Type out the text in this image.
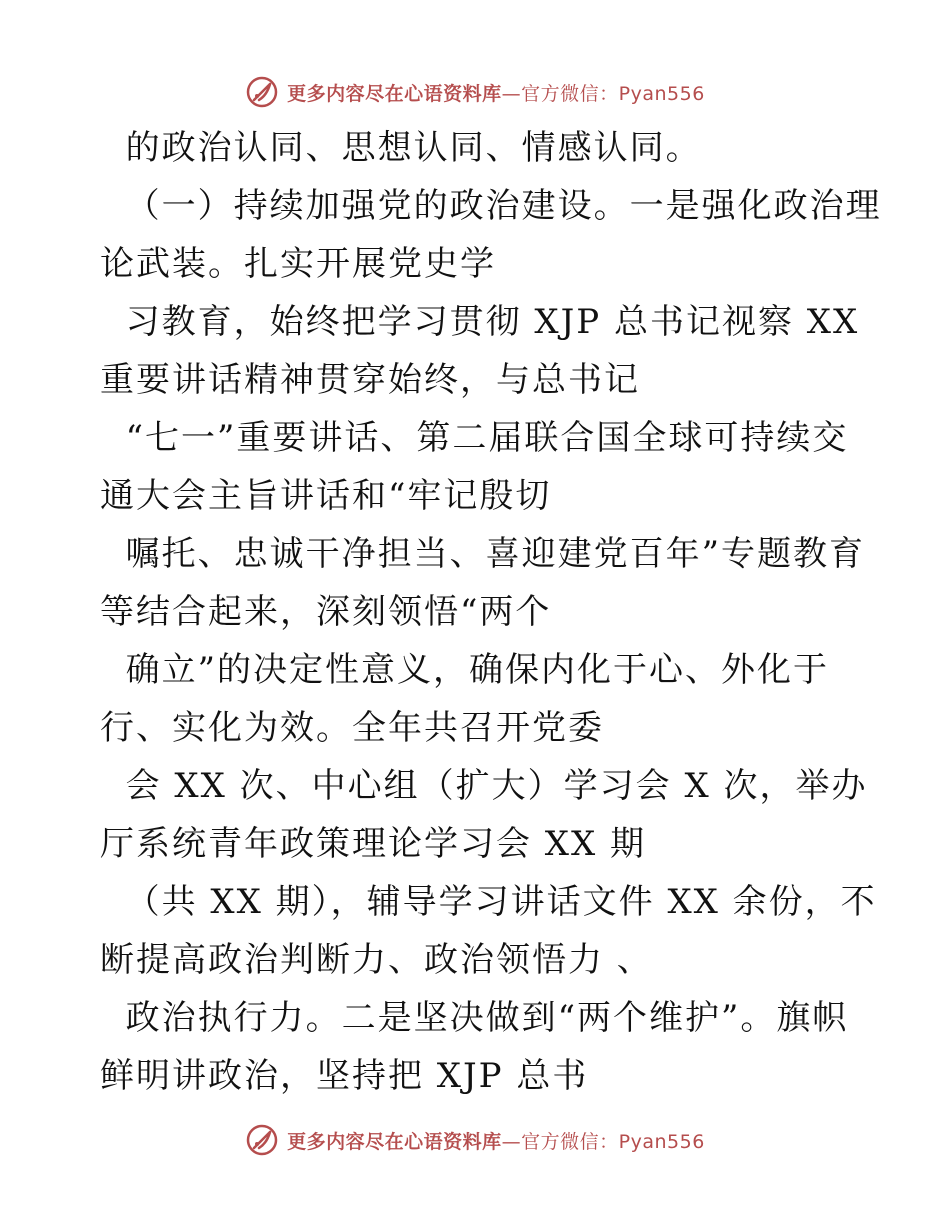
更多内容尽在心语资料库—官方微信：Pyan556
的政治认同、思想认同、情感认同。
（一）持续加强党的政治建设。一是强化政治理
论武装。扎实开展党史学
习教育，始终把学习贯彻 XJP 总书记视察 XX
重要讲话精神贯穿始终，与总书记
“七一”重要讲话、第二届联合国全球可持续交
通大会主旨讲话和“牢记殷切
嘱托、忠诚干净担当、喜迎建党百年”专题教育
等结合起来，深刻领悟“两个
确立”的决定性意义，确保内化于心、外化于
行、实化为效。全年共召开党委
会 XX 次、中心组（扩大）学习会 X 次，举办
厅系统青年政策理论学习会 XX 期
（共 XX 期），辅导学习讲话文件 XX 余份，不
断提高政治判断力、政治领悟力 、
政治执行力。二是坚决做到“两个维护”。旗帜
鲜明讲政治，坚持把 XJP 总书
更多内容尽在心语资料库—官方微信：Pyan556
